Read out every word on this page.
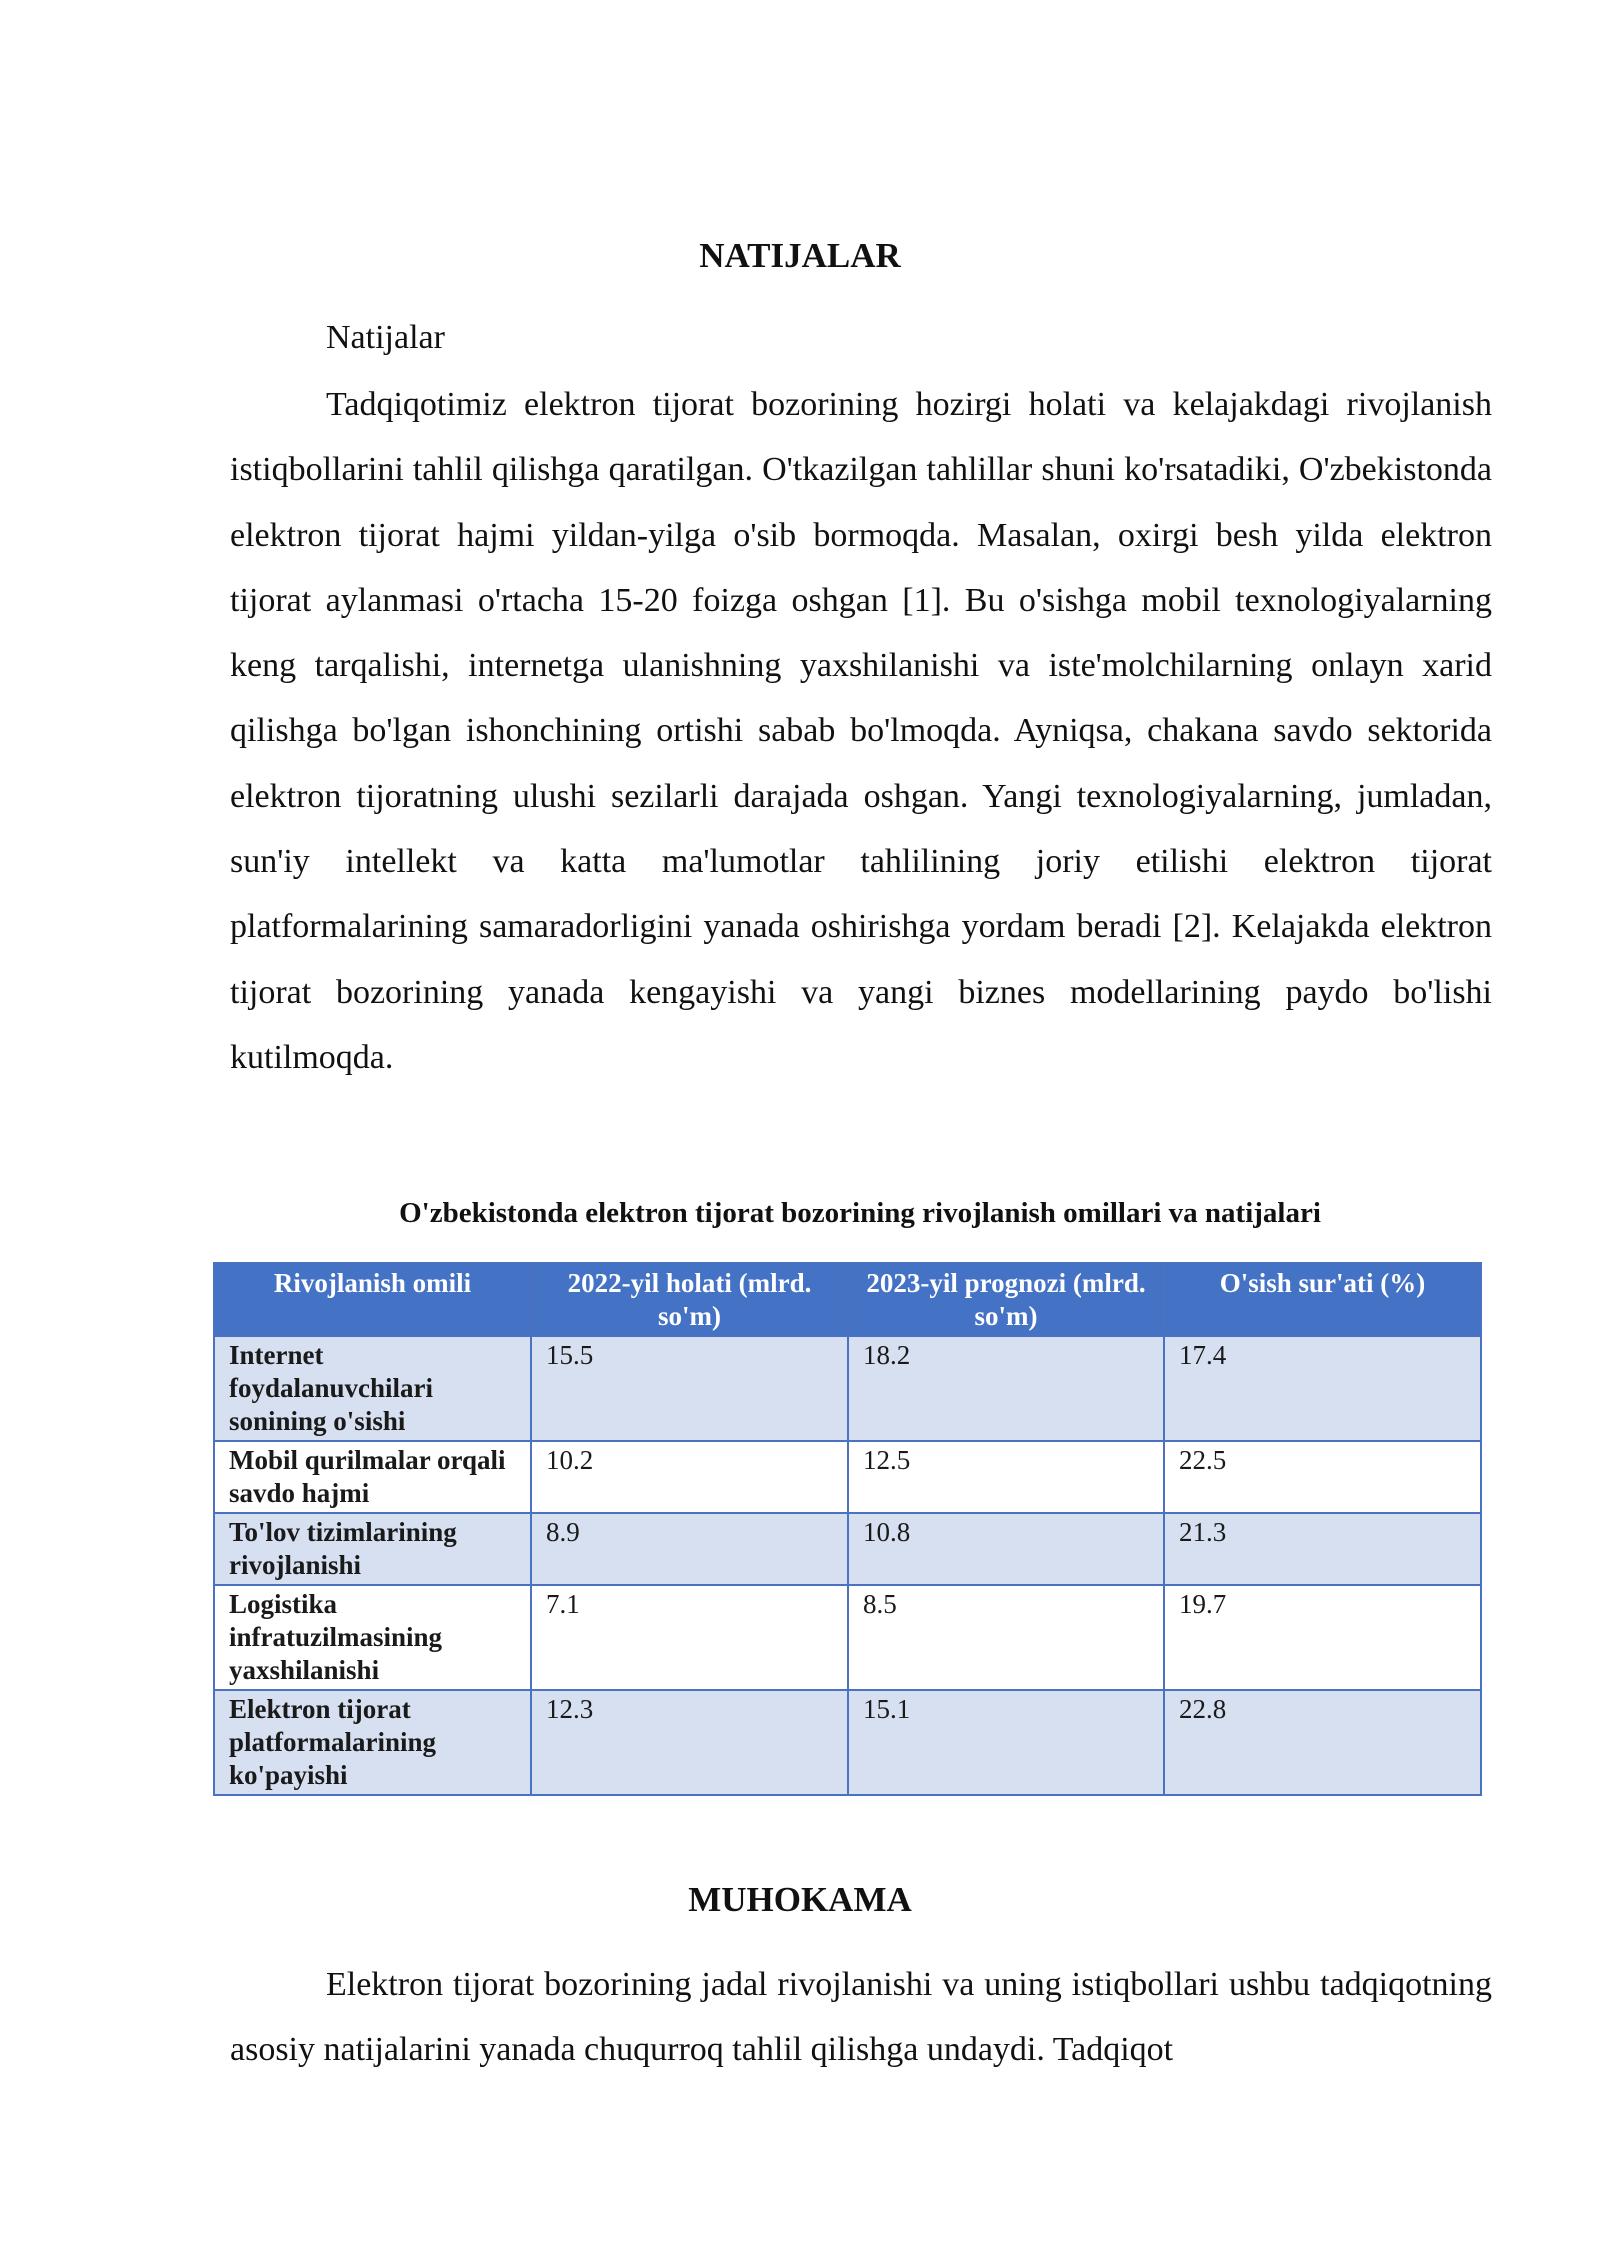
NATIJALAR

Natijalar

Tadqiqotimiz elektron tijorat bozorining hozirgi holati va kelajakdagi rivojlanish istiqbollarini tahlil qilishga qaratilgan. O'tkazilgan tahlillar shuni ko'rsatadiki, O'zbekistonda elektron tijorat hajmi yildan-yilga o'sib bormoqda. Masalan, oxirgi besh yilda elektron tijorat aylanmasi o'rtacha 15-20 foizga oshgan [1]. Bu o'sishga mobil texnologiyalarning keng tarqalishi, internetga ulanishning yaxshilanishi va iste'molchilarning onlayn xarid qilishga bo'lgan ishonchining ortishi sabab bo'lmoqda. Ayniqsa, chakana savdo sektorida elektron tijoratning ulushi sezilarli darajada oshgan. Yangi texnologiyalarning, jumladan, sun'iy intellekt va katta ma'lumotlar tahlilining joriy etilishi elektron tijorat platformalarining samaradorligini yanada oshirishga yordam beradi [2]. Kelajakda elektron tijorat bozorining yanada kengayishi va yangi biznes modellarining paydo bo'lishi kutilmoqda.

O'zbekistonda elektron tijorat bozorining rivojlanish omillari va natijalari

Rivojlanish omili	2022-yil holati (mlrd. so'm)	2023-yil prognozi (mlrd. so'm)	O'sish sur'ati (%)
Internet foydalanuvchilari sonining o'sishi	15.5	18.2	17.4
Mobil qurilmalar orqali savdo hajmi	10.2	12.5	22.5
To'lov tizimlarining rivojlanishi	8.9	10.8	21.3
Logistika infratuzilmasining yaxshilanishi	7.1	8.5	19.7
Elektron tijorat platformalarining ko'payishi	12.3	15.1	22.8
MUHOKAMA

Elektron tijorat bozorining jadal rivojlanishi va uning istiqbollari ushbu tadqiqotning asosiy natijalarini yanada chuqurroq tahlil qilishga undaydi. Tadqiqot
